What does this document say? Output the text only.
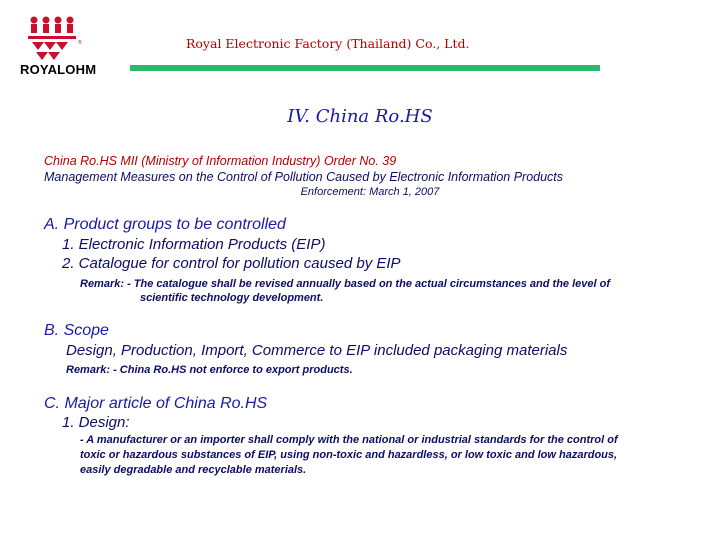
®
ROYALOHM
Royal Electronic Factory (Thailand) Co., Ltd.
IV. China Ro.HS
China Ro.HS MII (Ministry of Information Industry) Order No. 39
Management Measures on the Control of Pollution Caused by Electronic Information Products
Enforcement: March 1, 2007
A. Product groups to be controlled
1. Electronic Information Products (EIP)
2. Catalogue for control for pollution caused by EIP
Remark: - The catalogue shall be revised annually based on the actual circumstances and the level of
scientific technology development.
B. Scope
Design, Production, Import, Commerce to EIP included packaging materials
Remark: - China Ro.HS not enforce to export products.
C. Major article of China Ro.HS
1. Design:
- A manufacturer or an importer shall comply with the national or industrial standards for the control of
toxic or hazardous substances of EIP, using non-toxic and hazardless, or low toxic and low hazardous,
easily degradable and recyclable materials.
